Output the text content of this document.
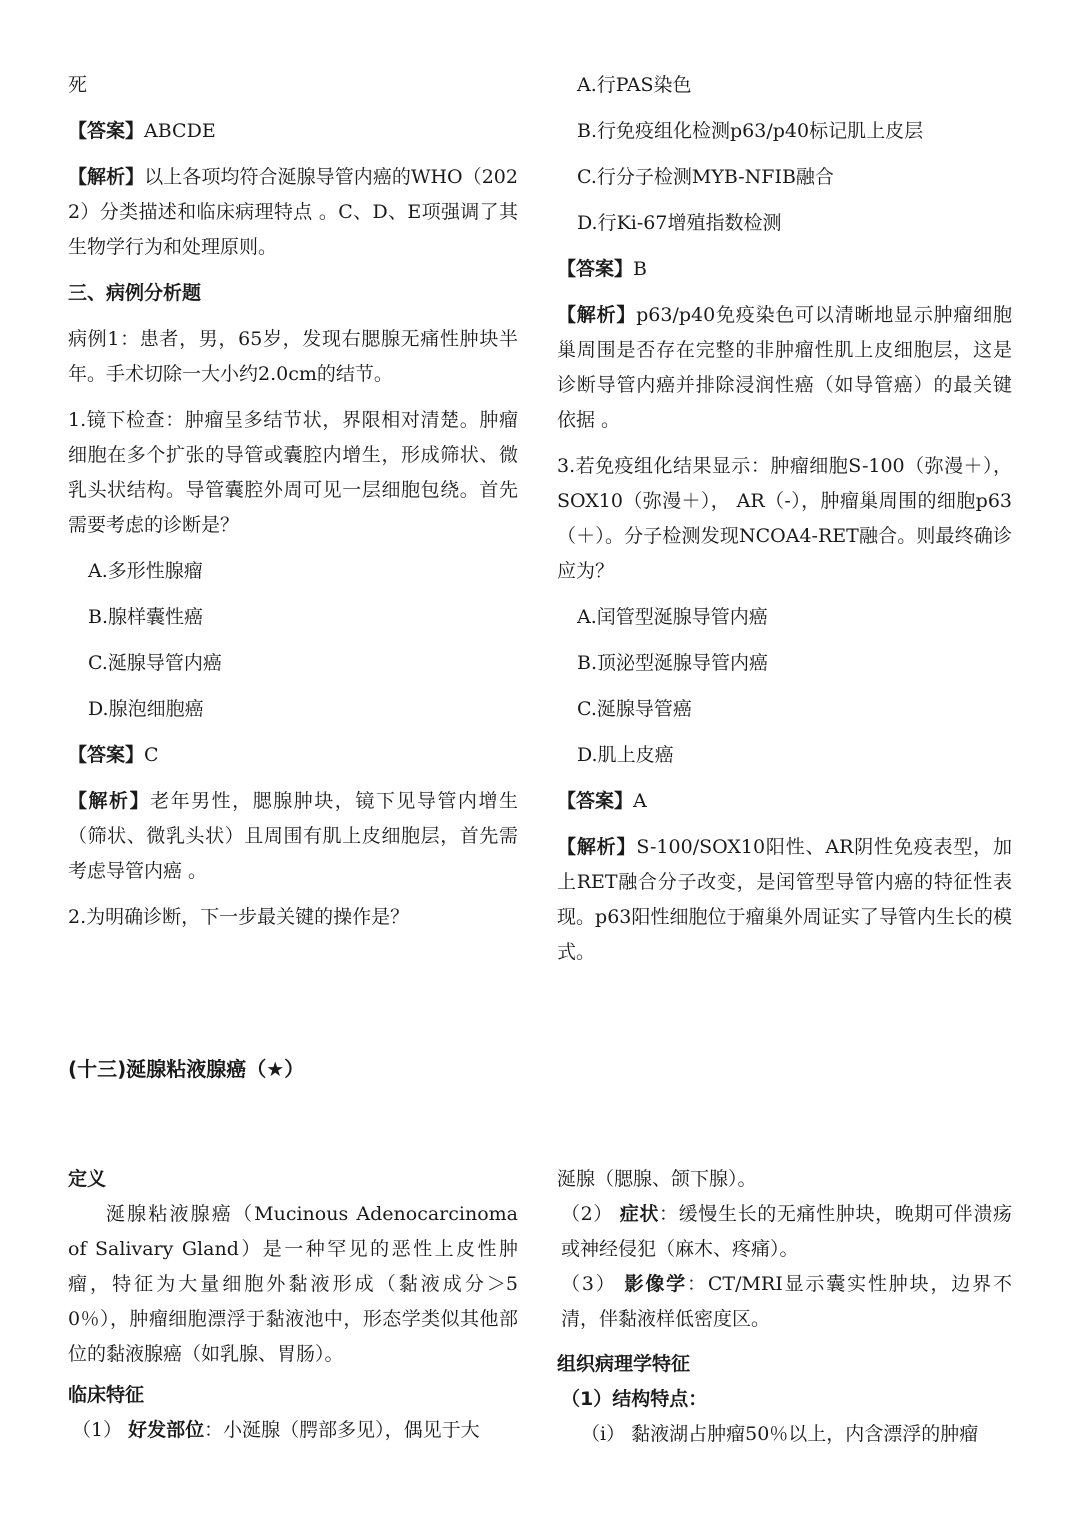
死

【答案】ABCDE

【解析】以上各项均符合涎腺导管内癌的WHO（2022）分类描述和临床病理特点 。C、D、E项强调了其生物学行为和处理原则。

三、病例分析题

病例1：患者，男，65岁，发现右腮腺无痛性肿块半年。手术切除一大小约2.0cm的结节。

1.镜下检查：肿瘤呈多结节状，界限相对清楚。肿瘤细胞在多个扩张的导管或囊腔内增生，形成筛状、微乳头状结构。导管囊腔外周可见一层细胞包绕。首先需要考虑的诊断是？

A.多形性腺瘤

B.腺样囊性癌

C.涎腺导管内癌

D.腺泡细胞癌

【答案】C

【解析】老年男性，腮腺肿块，镜下见导管内增生（筛状、微乳头状）且周围有肌上皮细胞层，首先需考虑导管内癌 。

2.为明确诊断，下一步最关键的操作是？

A.行PAS染色

B.行免疫组化检测p63/p40标记肌上皮层

C.行分子检测MYB-NFIB融合

D.行Ki-67增殖指数检测

【答案】B

【解析】p63/p40免疫染色可以清晰地显示肿瘤细胞巢周围是否存在完整的非肿瘤性肌上皮细胞层，这是诊断导管内癌并排除浸润性癌（如导管癌）的最关键依据 。

3.若免疫组化结果显示：肿瘤细胞S-100（弥漫＋）， SOX10（弥漫＋）， AR（-），肿瘤巢周围的细胞p63（＋）。分子检测发现NCOA4-RET融合。则最终确诊应为？

A.闰管型涎腺导管内癌

B.顶泌型涎腺导管内癌

C.涎腺导管癌

D.肌上皮癌

【答案】A

【解析】S-100/SOX10阳性、AR阴性免疫表型，加上RET融合分子改变，是闰管型导管内癌的特征性表现。p63阳性细胞位于瘤巢外周证实了导管内生长的模式。

(十三)涎腺粘液腺癌（★）

定义

涎腺粘液腺癌（Mucinous Adenocarcinoma of Salivary Gland）是一种罕见的恶性上皮性肿瘤，特征为大量细胞外黏液形成（黏液成分＞50％），肿瘤细胞漂浮于黏液池中，形态学类似其他部位的黏液腺癌（如乳腺、胃肠）。

临床特征

（1） 好发部位：小涎腺（腭部多见），偶见于大

涎腺（腮腺、颌下腺）。

（2） 症状：缓慢生长的无痛性肿块，晚期可伴溃疡或神经侵犯（麻木、疼痛）。

（3） 影像学：CT/MRI显示囊实性肿块，边界不清，伴黏液样低密度区。

组织病理学特征

（1）结构特点：

（i） 黏液湖占肿瘤50％以上，内含漂浮的肿瘤
